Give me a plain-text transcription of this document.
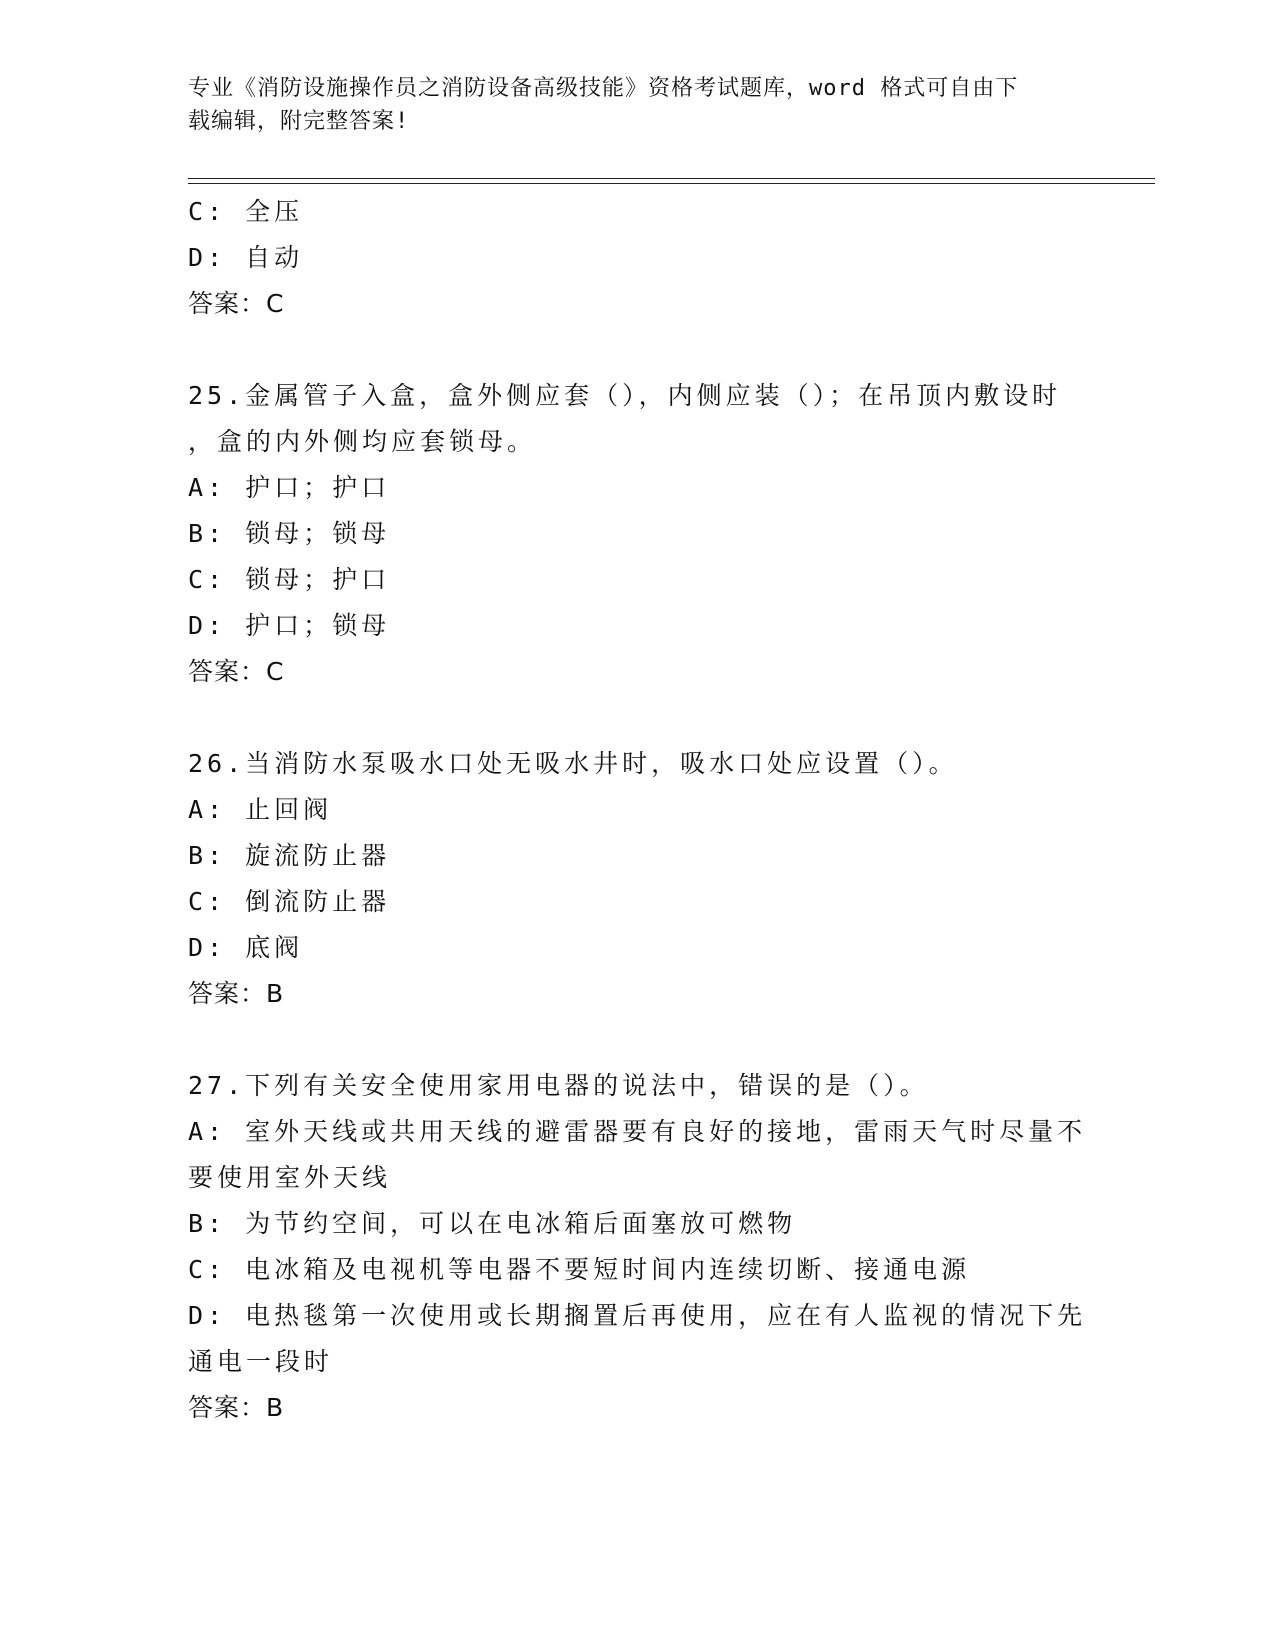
专业《消防设施操作员之消防设备高级技能》资格考试题库，word 格式可自由下
载编辑，附完整答案!
C: 全压
D: 自动
答案：C
25.金属管子入盒，盒外侧应套（），内侧应装（）；在吊顶内敷设时
，盒的内外侧均应套锁母。
A: 护口；护口
B: 锁母；锁母
C: 锁母；护口
D: 护口；锁母
答案：C
26.当消防水泵吸水口处无吸水井时，吸水口处应设置（）。
A: 止回阀
B: 旋流防止器
C: 倒流防止器
D: 底阀
答案：B
27.下列有关安全使用家用电器的说法中，错误的是（）。
A: 室外天线或共用天线的避雷器要有良好的接地，雷雨天气时尽量不
要使用室外天线
B: 为节约空间，可以在电冰箱后面塞放可燃物
C: 电冰箱及电视机等电器不要短时间内连续切断、接通电源
D: 电热毯第一次使用或长期搁置后再使用，应在有人监视的情况下先
通电一段时
答案：B
